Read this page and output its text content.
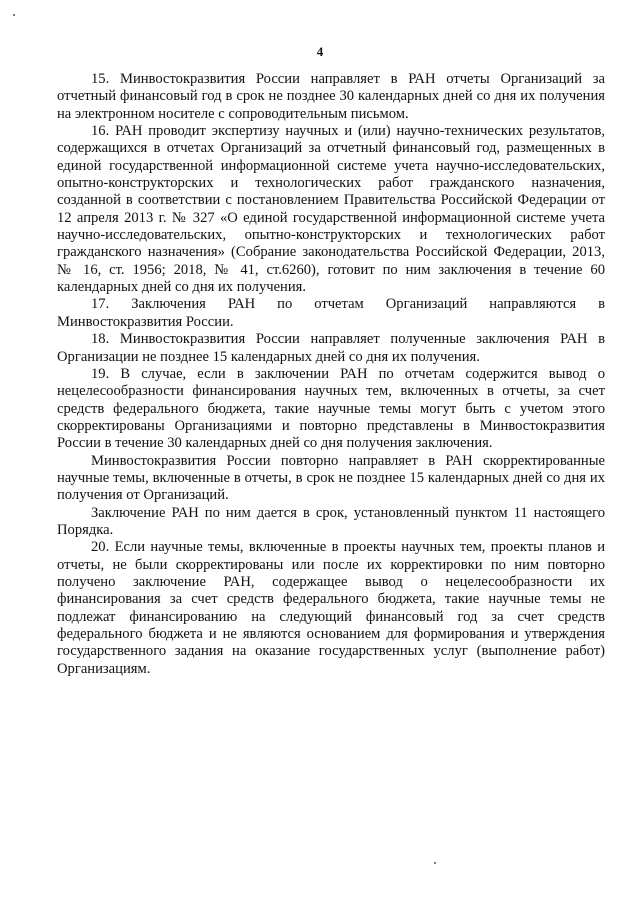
4

15. Минвостокразвития России направляет в РАН отчеты Организаций за отчетный финансовый год в срок не позднее 30 календарных дней со дня их получения на электронном носителе с сопроводительным письмом.

16. РАН проводит экспертизу научных и (или) научно-технических результатов, содержащихся в отчетах Организаций за отчетный финансовый год, размещенных в единой государственной информационной системе учета научно-исследовательских, опытно-конструкторских и технологических работ гражданского назначения, созданной в соответствии с постановлением Правительства Российской Федерации от 12 апреля 2013 г. № 327 «О единой государственной информационной системе учета научно-исследовательских, опытно-конструкторских и технологических работ гражданского назначения» (Собрание законодательства Российской Федерации, 2013, № 16, ст. 1956; 2018, № 41, ст.6260), готовит по ним заключения в течение 60 календарных дней со дня их получения.

17. Заключения РАН по отчетам Организаций направляются в Минвостокразвития России.

18. Минвостокразвития России направляет полученные заключения РАН в Организации не позднее 15 календарных дней со дня их получения.

19. В случае, если в заключении РАН по отчетам содержится вывод о нецелесообразности финансирования научных тем, включенных в отчеты, за счет средств федерального бюджета, такие научные темы могут быть с учетом этого скорректированы Организациями и повторно представлены в Минвостокразвития России в течение 30 календарных дней со дня получения заключения.

Минвостокразвития России повторно направляет в РАН скорректированные научные темы, включенные в отчеты, в срок не позднее 15 календарных дней со дня их получения от Организаций.

Заключение РАН по ним дается в срок, установленный пунктом 11 настоящего Порядка.

20. Если научные темы, включенные в проекты научных тем, проекты планов и отчеты, не были скорректированы или после их корректировки по ним повторно получено заключение РАН, содержащее вывод о нецелесообразности их финансирования за счет средств федерального бюджета, такие научные темы не подлежат финансированию на следующий финансовый год за счет средств федерального бюджета и не являются основанием для формирования и утверждения государственного задания на оказание государственных услуг (выполнение работ) Организациям.
